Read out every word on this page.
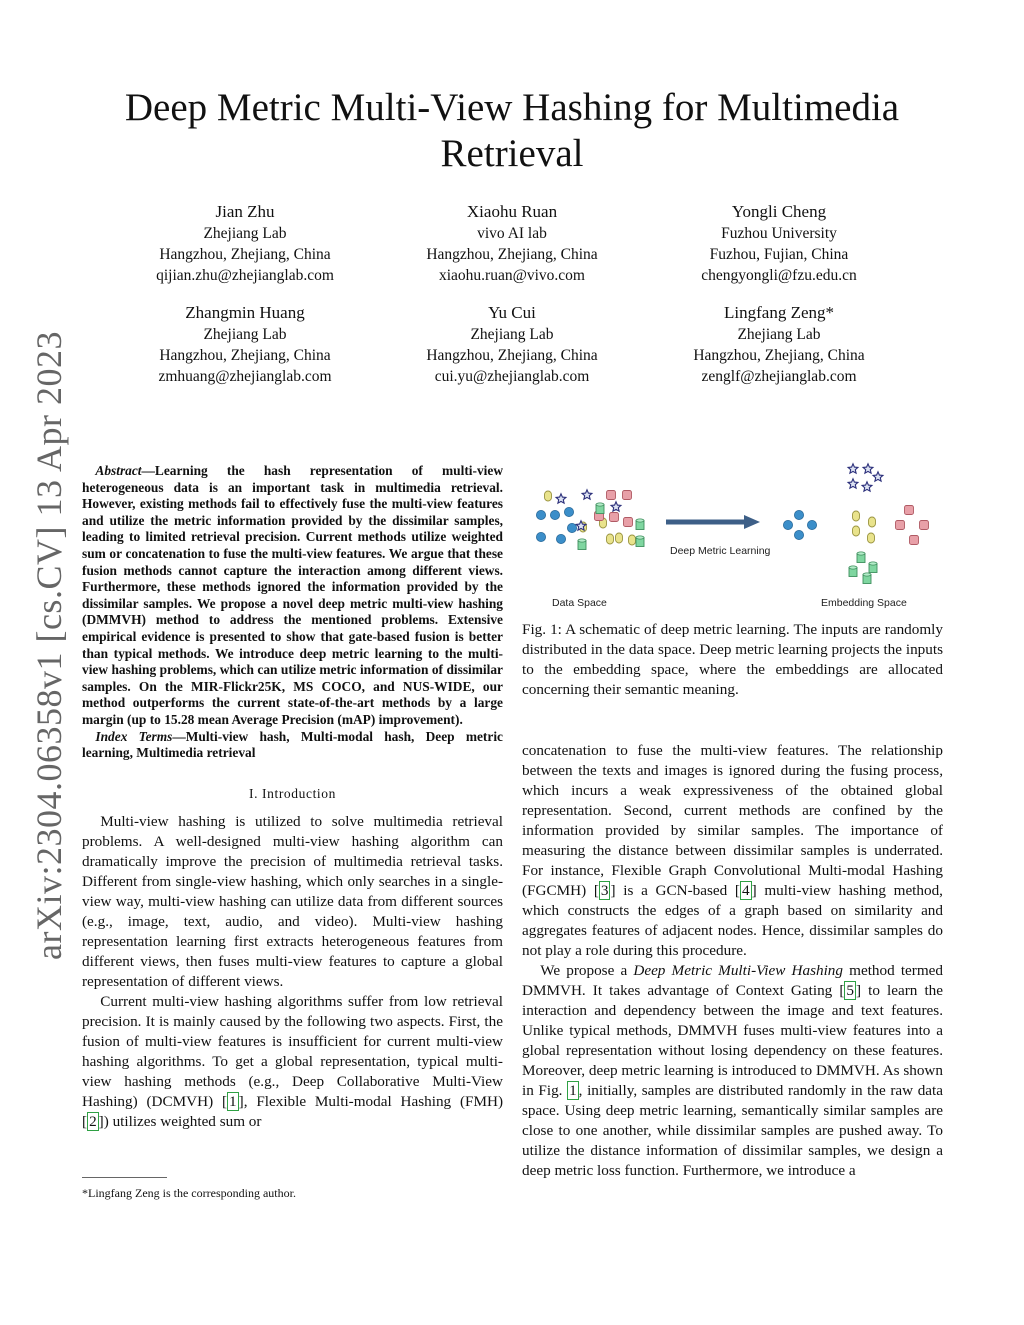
arXiv:2304.06358v1 [cs.CV] 13 Apr 2023
Deep Metric Multi-View Hashing for Multimedia Retrieval
Jian Zhu
Zhejiang Lab
Hangzhou, Zhejiang, China
qijian.zhu@zhejianglab.com
Xiaohu Ruan
vivo AI lab
Hangzhou, Zhejiang, China
xiaohu.ruan@vivo.com
Yongli Cheng
Fuzhou University
Fuzhou, Fujian, China
chengyongli@fzu.edu.cn
Zhangmin Huang
Zhejiang Lab
Hangzhou, Zhejiang, China
zmhuang@zhejianglab.com
Yu Cui
Zhejiang Lab
Hangzhou, Zhejiang, China
cui.yu@zhejianglab.com
Lingfang Zeng*
Zhejiang Lab
Hangzhou, Zhejiang, China
zenglf@zhejianglab.com

Abstract—Learning the hash representation of multi-view heterogeneous data is an important task in multimedia retrieval. However, existing methods fail to effectively fuse the multi-view features and utilize the metric information provided by the dissimilar samples, leading to limited retrieval precision. Current methods utilize weighted sum or concatenation to fuse the multi-view features. We argue that these fusion methods cannot capture the interaction among different views. Furthermore, these methods ignored the information provided by the dissimilar samples. We propose a novel deep metric multi-view hashing (DMMVH) method to address the mentioned problems. Extensive empirical evidence is presented to show that gate-based fusion is better than typical methods. We introduce deep metric learning to the multi-view hashing problems, which can utilize metric information of dissimilar samples. On the MIR-Flickr25K, MS COCO, and NUS-WIDE, our method outperforms the current state-of-the-art methods by a large margin (up to 15.28 mean Average Precision (mAP) improvement).

Index Terms—Multi-view hash, Multi-modal hash, Deep metric learning, Multimedia retrieval

I. Introduction

Multi-view hashing is utilized to solve multimedia retrieval problems. A well-designed multi-view hashing algorithm can dramatically improve the precision of multimedia retrieval tasks. Different from single-view hashing, which only searches in a single-view way, multi-view hashing can utilize data from different sources (e.g., image, text, audio, and video). Multi-view hashing representation learning first extracts heterogeneous features from different views, then fuses multi-view features to capture a global representation of different views.

Current multi-view hashing algorithms suffer from low retrieval precision. It is mainly caused by the following two aspects. First, the fusion of multi-view features is insufficient for current multi-view hashing algorithms. To get a global representation, typical multi-view hashing methods (e.g., Deep Collaborative Multi-View Hashing) (DCMVH) [ 1 ], Flexible Multi-modal Hashing (FMH) [ 2 ]) utilizes weighted sum or

*Lingfang Zeng is the corresponding author.
Deep Metric Learning
Data Space	Embedding Space
Fig. 1: A schematic of deep metric learning. The inputs are randomly distributed in the data space. Deep metric learning projects the inputs to the embedding space, where the embeddings are allocated concerning their semantic meaning.

concatenation to fuse the multi-view features. The relationship between the texts and images is ignored during the fusing process, which incurs a weak expressiveness of the obtained global representation. Second, current methods are confined by the information provided by similar samples. The importance of measuring the distance between dissimilar samples is underrated. For instance, Flexible Graph Convolutional Multi-modal Hashing (FGCMH) [ 3 ] is a GCN-based [ 4 ] multi-view hashing method, which constructs the edges of a graph based on similarity and aggregates features of adjacent nodes. Hence, dissimilar samples do not play a role during this procedure.

We propose a Deep Metric Multi-View Hashing method termed DMMVH. It takes advantage of Context Gating [ 5 ] to learn the interaction and dependency between the image and text features. Unlike typical methods, DMMVH fuses multi-view features into a global representation without losing dependency on these features. Moreover, deep metric learning is introduced to DMMVH. As shown in Fig. 1 , initially, samples are distributed randomly in the raw data space. Using deep metric learning, semantically similar samples are close to one another, while dissimilar samples are pushed away. To utilize the distance information of dissimilar samples, we design a deep metric loss function. Furthermore, we introduce a
